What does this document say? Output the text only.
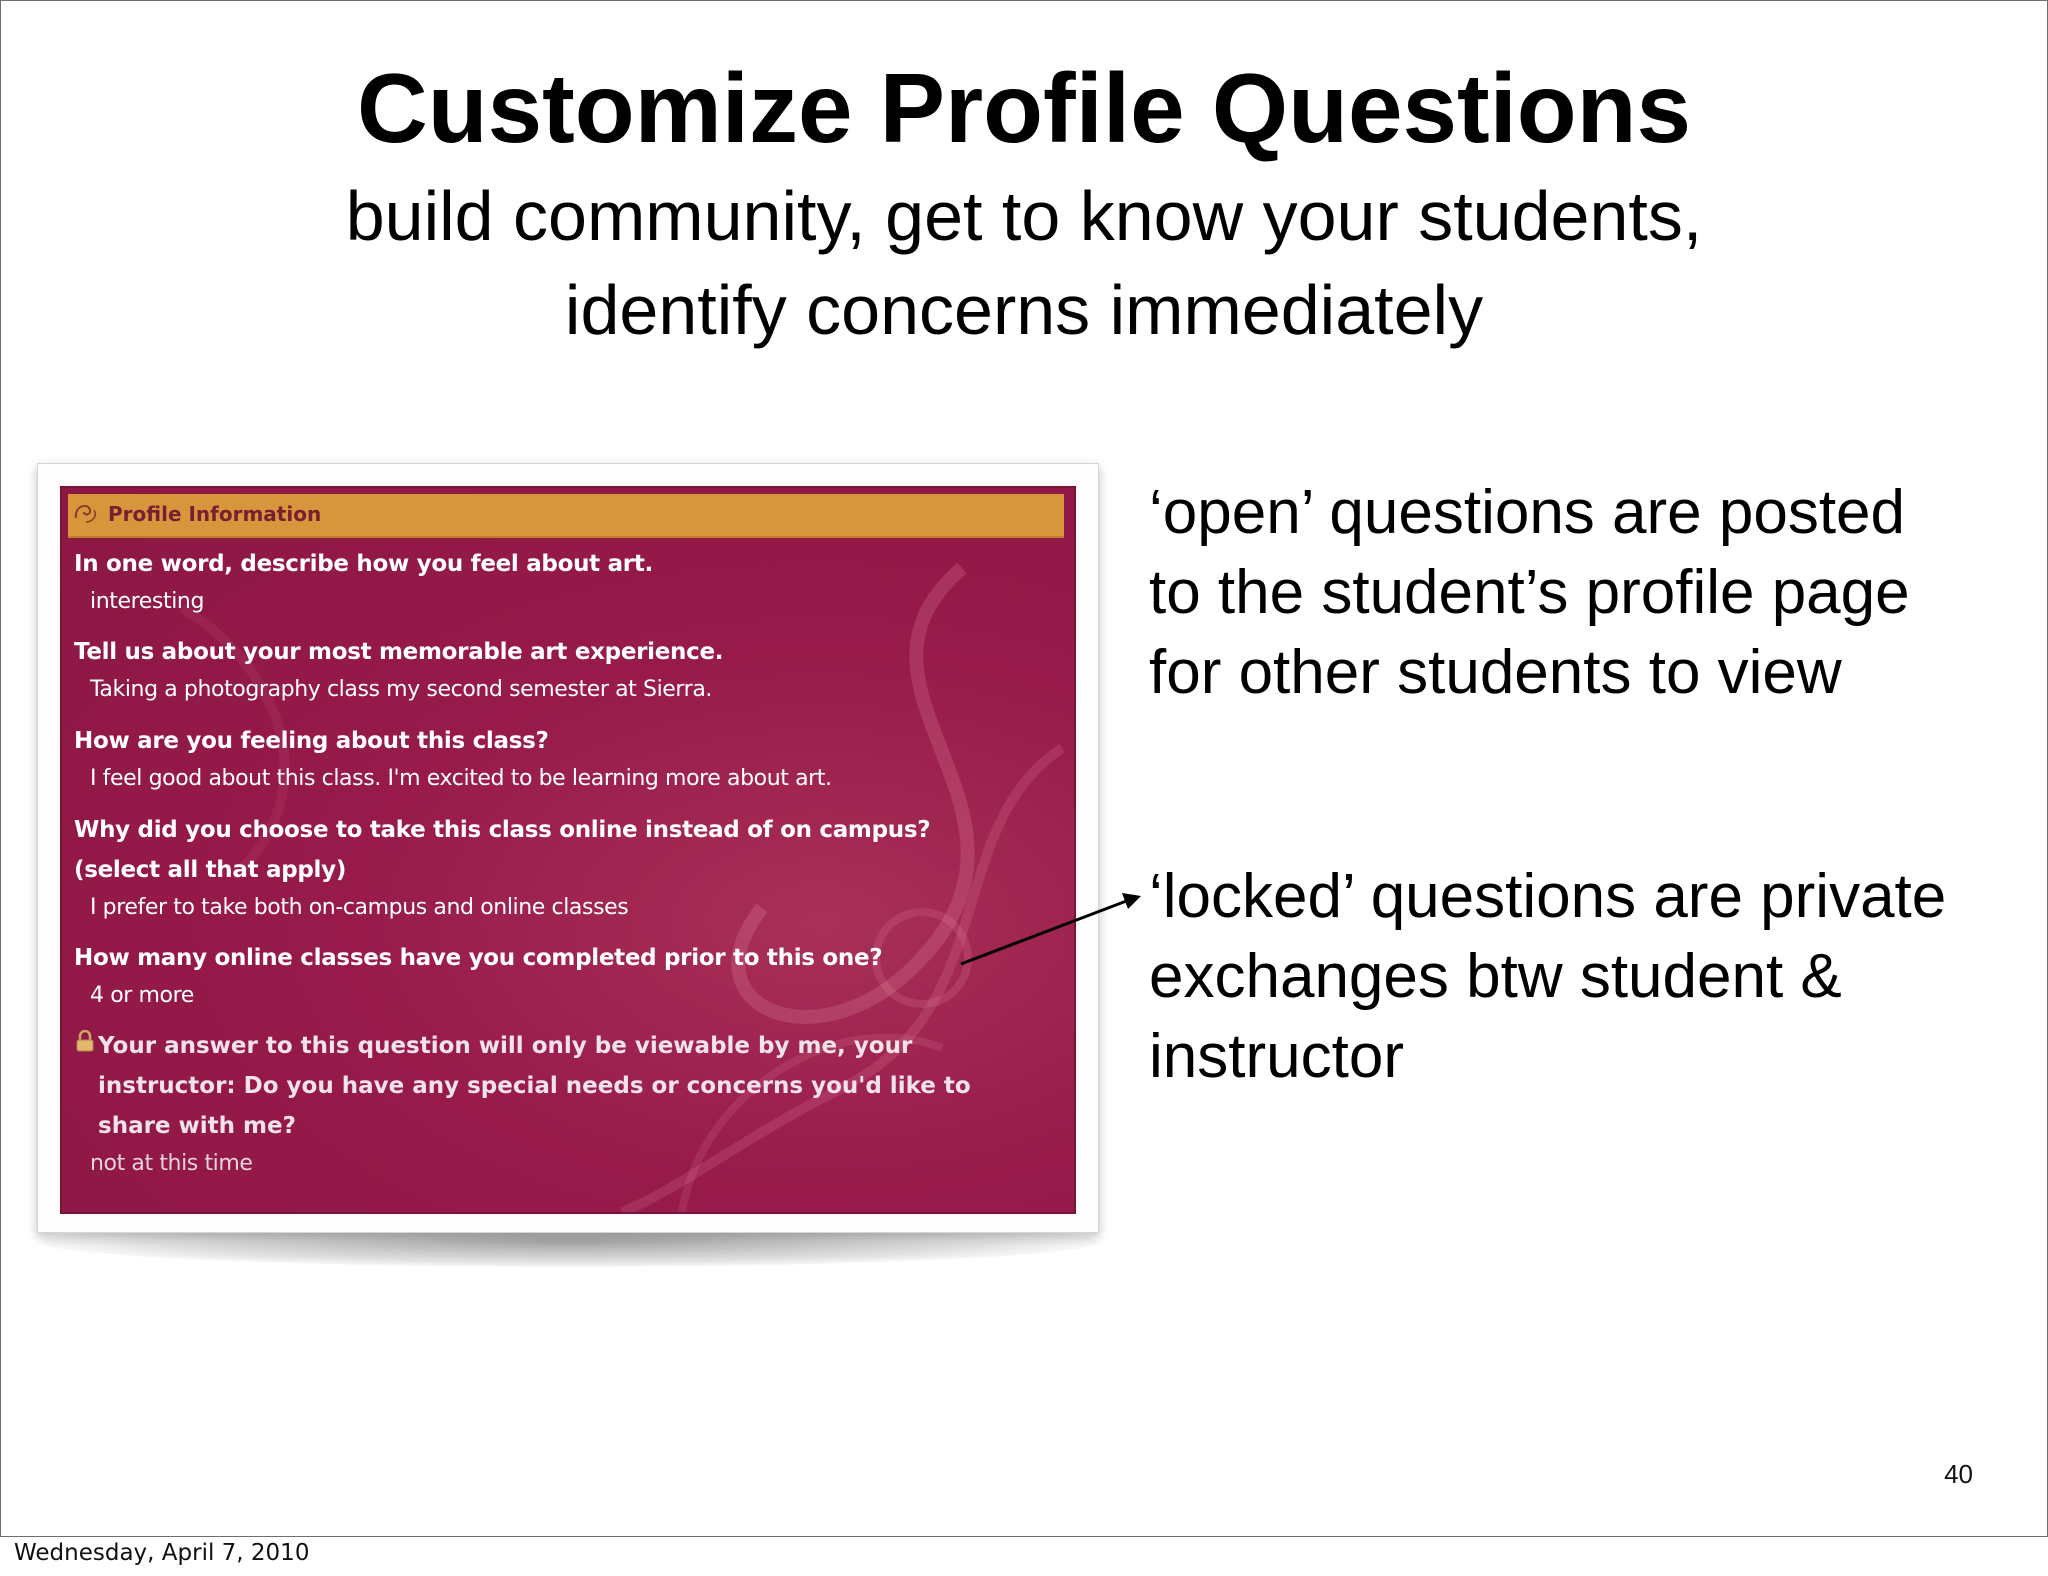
Customize Profile Questions
build community, get to know your students,
identify concerns immediately
Profile Information
In one word, describe how you feel about art.
interesting
Tell us about your most memorable art experience.
Taking a photography class my second semester at Sierra.
How are you feeling about this class?
I feel good about this class. I'm excited to be learning more about art.
Why did you choose to take this class online instead of on campus?
(select all that apply)
I prefer to take both on-campus and online classes
How many online classes have you completed prior to this one?
4 or more
Your answer to this question will only be viewable by me, your instructor: Do you have any special needs or concerns you'd like to share with me?
not at this time
‘open’ questions are posted
to the student’s profile page
for other students to view
‘locked’ questions are private
exchanges btw student &
instructor
40
Wednesday, April 7, 2010
